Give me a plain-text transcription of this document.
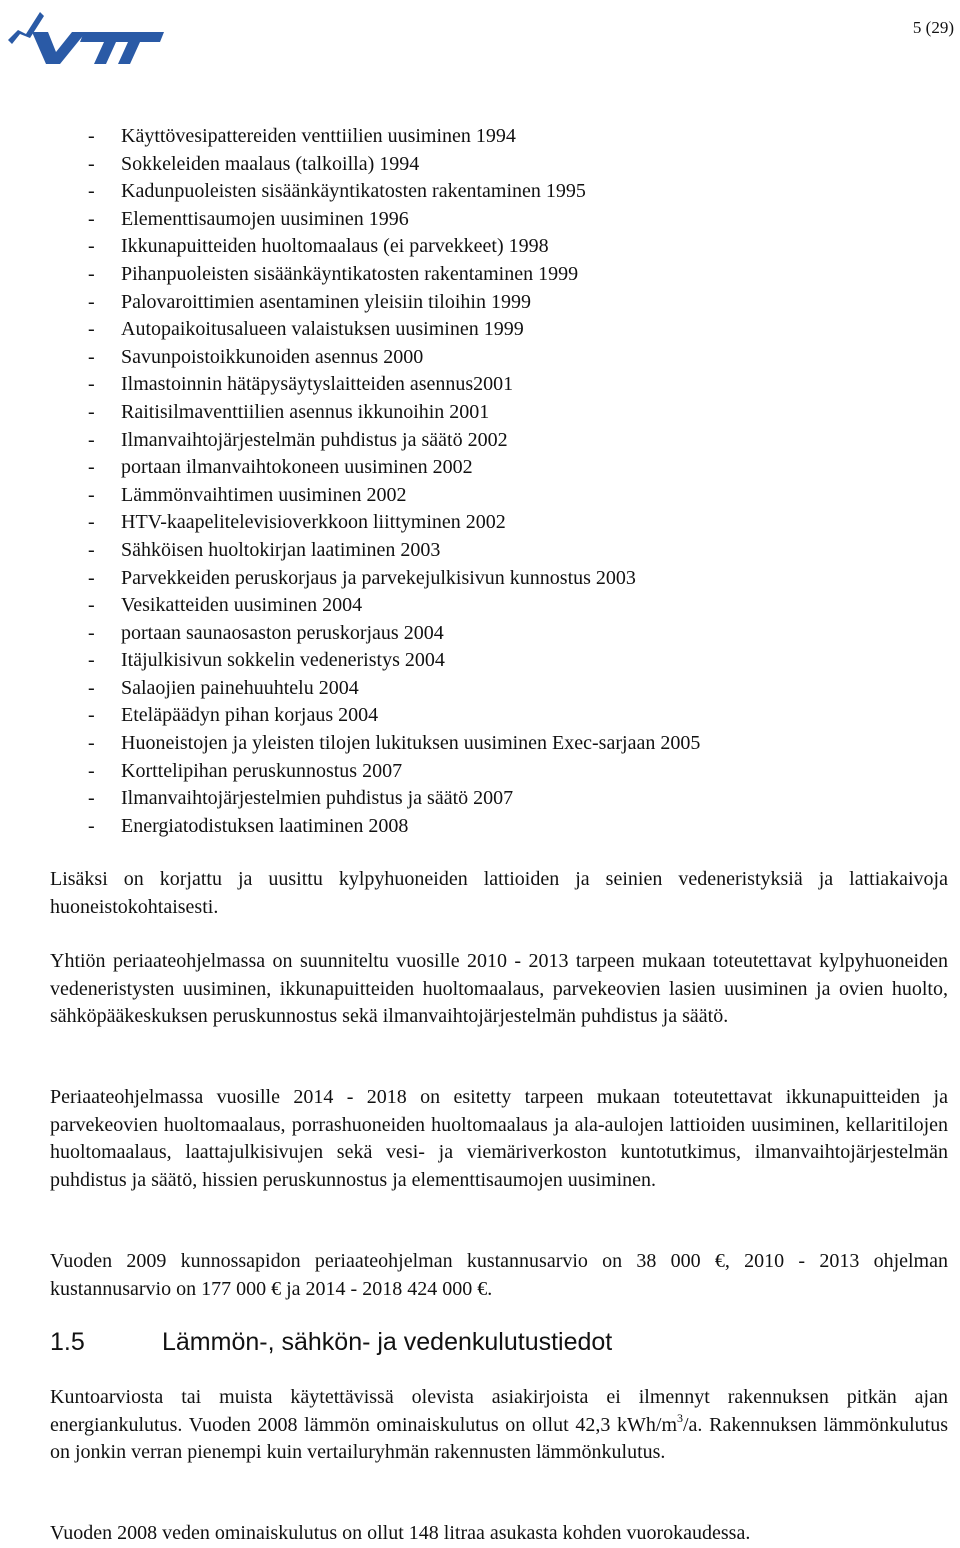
5 (29)
- Käyttövesipattereiden venttiilien uusiminen 1994
- Sokkeleiden maalaus (talkoilla) 1994
- Kadunpuoleisten sisäänkäyntikatosten rakentaminen 1995
- Elementtisaumojen uusiminen 1996
- Ikkunapuitteiden huoltomaalaus (ei parvekkeet) 1998
- Pihanpuoleisten sisäänkäyntikatosten rakentaminen 1999
- Palovaroittimien asentaminen yleisiin tiloihin 1999
- Autopaikoitusalueen valaistuksen uusiminen 1999
- Savunpoistoikkunoiden asennus 2000
- Ilmastoinnin hätäpysäytyslaitteiden asennus2001
- Raitisilmaventtiilien asennus ikkunoihin 2001
- Ilmanvaihtojärjestelmän puhdistus ja säätö 2002
- portaan ilmanvaihtokoneen uusiminen 2002
- Lämmönvaihtimen uusiminen 2002
- HTV-kaapelitelevisioverkkoon liittyminen 2002
- Sähköisen huoltokirjan laatiminen 2003
- Parvekkeiden peruskorjaus ja parvekejulkisivun kunnostus 2003
- Vesikatteiden uusiminen 2004
- portaan saunaosaston peruskorjaus 2004
- Itäjulkisivun sokkelin vedeneristys 2004
- Salaojien painehuuhtelu 2004
- Eteläpäädyn pihan korjaus 2004
- Huoneistojen ja yleisten tilojen lukituksen uusiminen Exec-sarjaan 2005
- Korttelipihan peruskunnostus 2007
- Ilmanvaihtojärjestelmien puhdistus ja säätö 2007
- Energiatodistuksen laatiminen 2008

Lisäksi on korjattu ja uusittu kylpyhuoneiden lattioiden ja seinien vedeneristyksiä ja lattiakaivoja huoneistokohtaisesti.

Yhtiön periaateohjelmassa on suunniteltu vuosille 2010 - 2013 tarpeen mukaan toteutettavat kylpyhuoneiden vedeneristysten uusiminen, ikkunapuitteiden huoltomaalaus, parvekeovien lasien uusiminen ja ovien huolto, sähköpääkeskuksen peruskunnostus sekä ilmanvaihtojärjestelmän puhdistus ja säätö.

Periaateohjelmassa vuosille 2014 - 2018 on esitetty tarpeen mukaan toteutettavat ikkunapuitteiden ja parvekeovien huoltomaalaus, porrashuoneiden huoltomaalaus ja ala-aulojen lattioiden uusiminen, kellaritilojen huoltomaalaus, laattajulkisivujen sekä vesi- ja viemäriverkoston kuntotutkimus, ilmanvaihtojärjestelmän puhdistus ja säätö, hissien peruskunnostus ja elementtisaumojen uusiminen.

Vuoden 2009 kunnossapidon periaateohjelman kustannusarvio on 38 000 €, 2010 - 2013 ohjelman kustannusarvio on 177 000 € ja 2014 - 2018 424 000 €.

1.5	Lämmön-, sähkön- ja vedenkulutustiedot

Kuntoarviosta tai muista käytettävissä olevista asiakirjoista ei ilmennyt rakennuksen pitkän ajan energiankulutus. Vuoden 2008 lämmön ominaiskulutus on ollut 42,3 kWh/$m^3/a$. Rakennuksen lämmönkulutus on jonkin verran pienempi kuin vertailuryhmän rakennusten lämmönkulutus.

Vuoden 2008 veden ominaiskulutus on ollut 148 litraa asukasta kohden vuorokaudessa.
